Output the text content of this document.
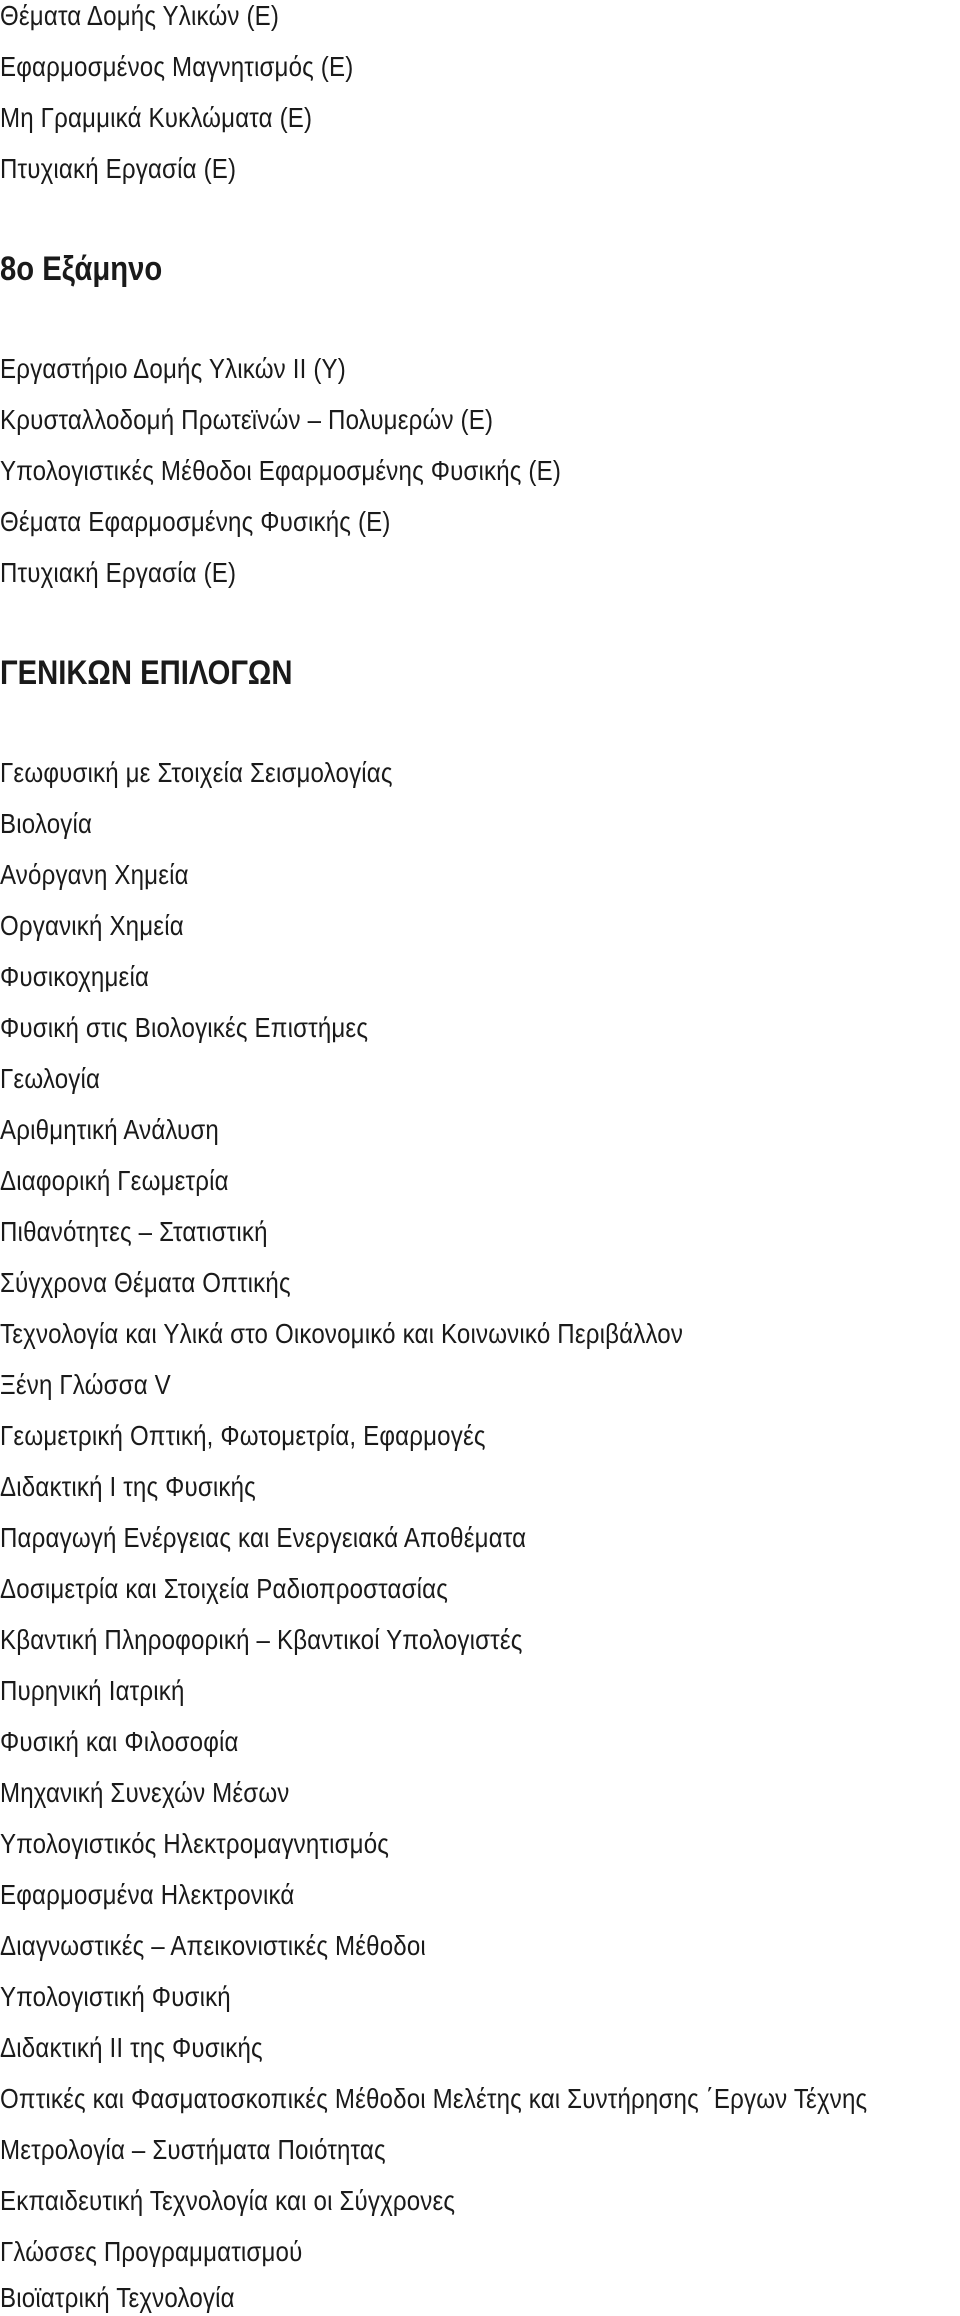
Θέματα Δομής Υλικών (Ε)

Εφαρμοσμένος Μαγνητισμός (Ε)

Μη Γραμμικά Κυκλώματα (Ε)

Πτυχιακή Εργασία (Ε)

8ο Εξάμηνο

Εργαστήριο Δομής Υλικών ΙΙ (Υ)

Κρυσταλλοδομή Πρωτεϊνών – Πολυμερών (Ε)

Υπολογιστικές Μέθοδοι Εφαρμοσμένης Φυσικής (Ε)

Θέματα Εφαρμοσμένης Φυσικής (Ε)

Πτυχιακή Εργασία (Ε)

ΓΕΝΙΚΩΝ ΕΠΙΛΟΓΩΝ

Γεωφυσική με Στοιχεία Σεισμολογίας

Βιολογία

Ανόργανη Χημεία

Οργανική Χημεία

Φυσικοχημεία

Φυσική στις Βιολογικές Επιστήμες

Γεωλογία

Αριθμητική Ανάλυση

Διαφορική Γεωμετρία

Πιθανότητες – Στατιστική

Σύγχρονα Θέματα Οπτικής

Τεχνολογία και Υλικά στο Οικονομικό και Κοινωνικό Περιβάλλον

Ξένη Γλώσσα V

Γεωμετρική Οπτική, Φωτομετρία, Εφαρμογές

Διδακτική Ι της Φυσικής

Παραγωγή Ενέργειας και Ενεργειακά Αποθέματα

Δοσιμετρία και Στοιχεία Ραδιοπροστασίας

Κβαντική Πληροφορική – Κβαντικοί Υπολογιστές

Πυρηνική Ιατρική

Φυσική και Φιλοσοφία

Μηχανική Συνεχών Μέσων

Υπολογιστικός Ηλεκτρομαγνητισμός

Εφαρμοσμένα Ηλεκτρονικά

Διαγνωστικές – Απεικονιστικές Μέθοδοι

Υπολογιστική Φυσική

Διδακτική ΙΙ της Φυσικής

Οπτικές και Φασματοσκοπικές Μέθοδοι Μελέτης και Συντήρησης ΄Εργων Τέχνης

Μετρολογία – Συστήματα Ποιότητας

Εκπαιδευτική Τεχνολογία και οι Σύγχρονες

Γλώσσες Προγραμματισμού

Βιοϊατρική Τεχνολογία
